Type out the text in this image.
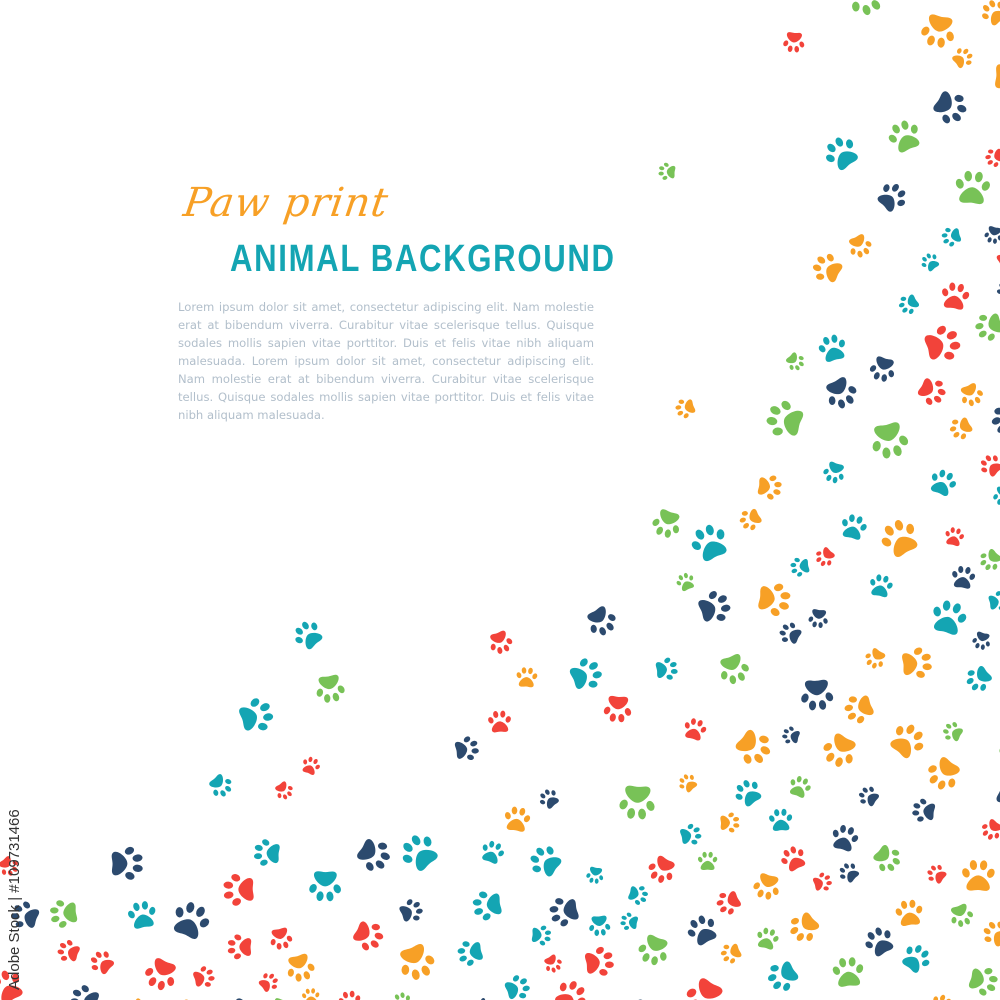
Paw print
ANIMAL BACKGROUND
Lorem ipsum dolor sit amet, consectetur adipiscing elit. Nam molestie erat at bibendum viverra. Curabitur vitae scelerisque tellus. Quisque sodales mollis sapien vitae porttitor. Duis et felis vitae nibh aliquam malesuada. Lorem ipsum dolor sit amet, consectetur adipiscing elit. Nam molestie erat at bibendum viverra. Curabitur vitae scelerisque tellus. Quisque sodales mollis sapien vitae porttitor. Duis et felis vitae nibh aliquam malesuada.
Adobe Stock | #109731466
